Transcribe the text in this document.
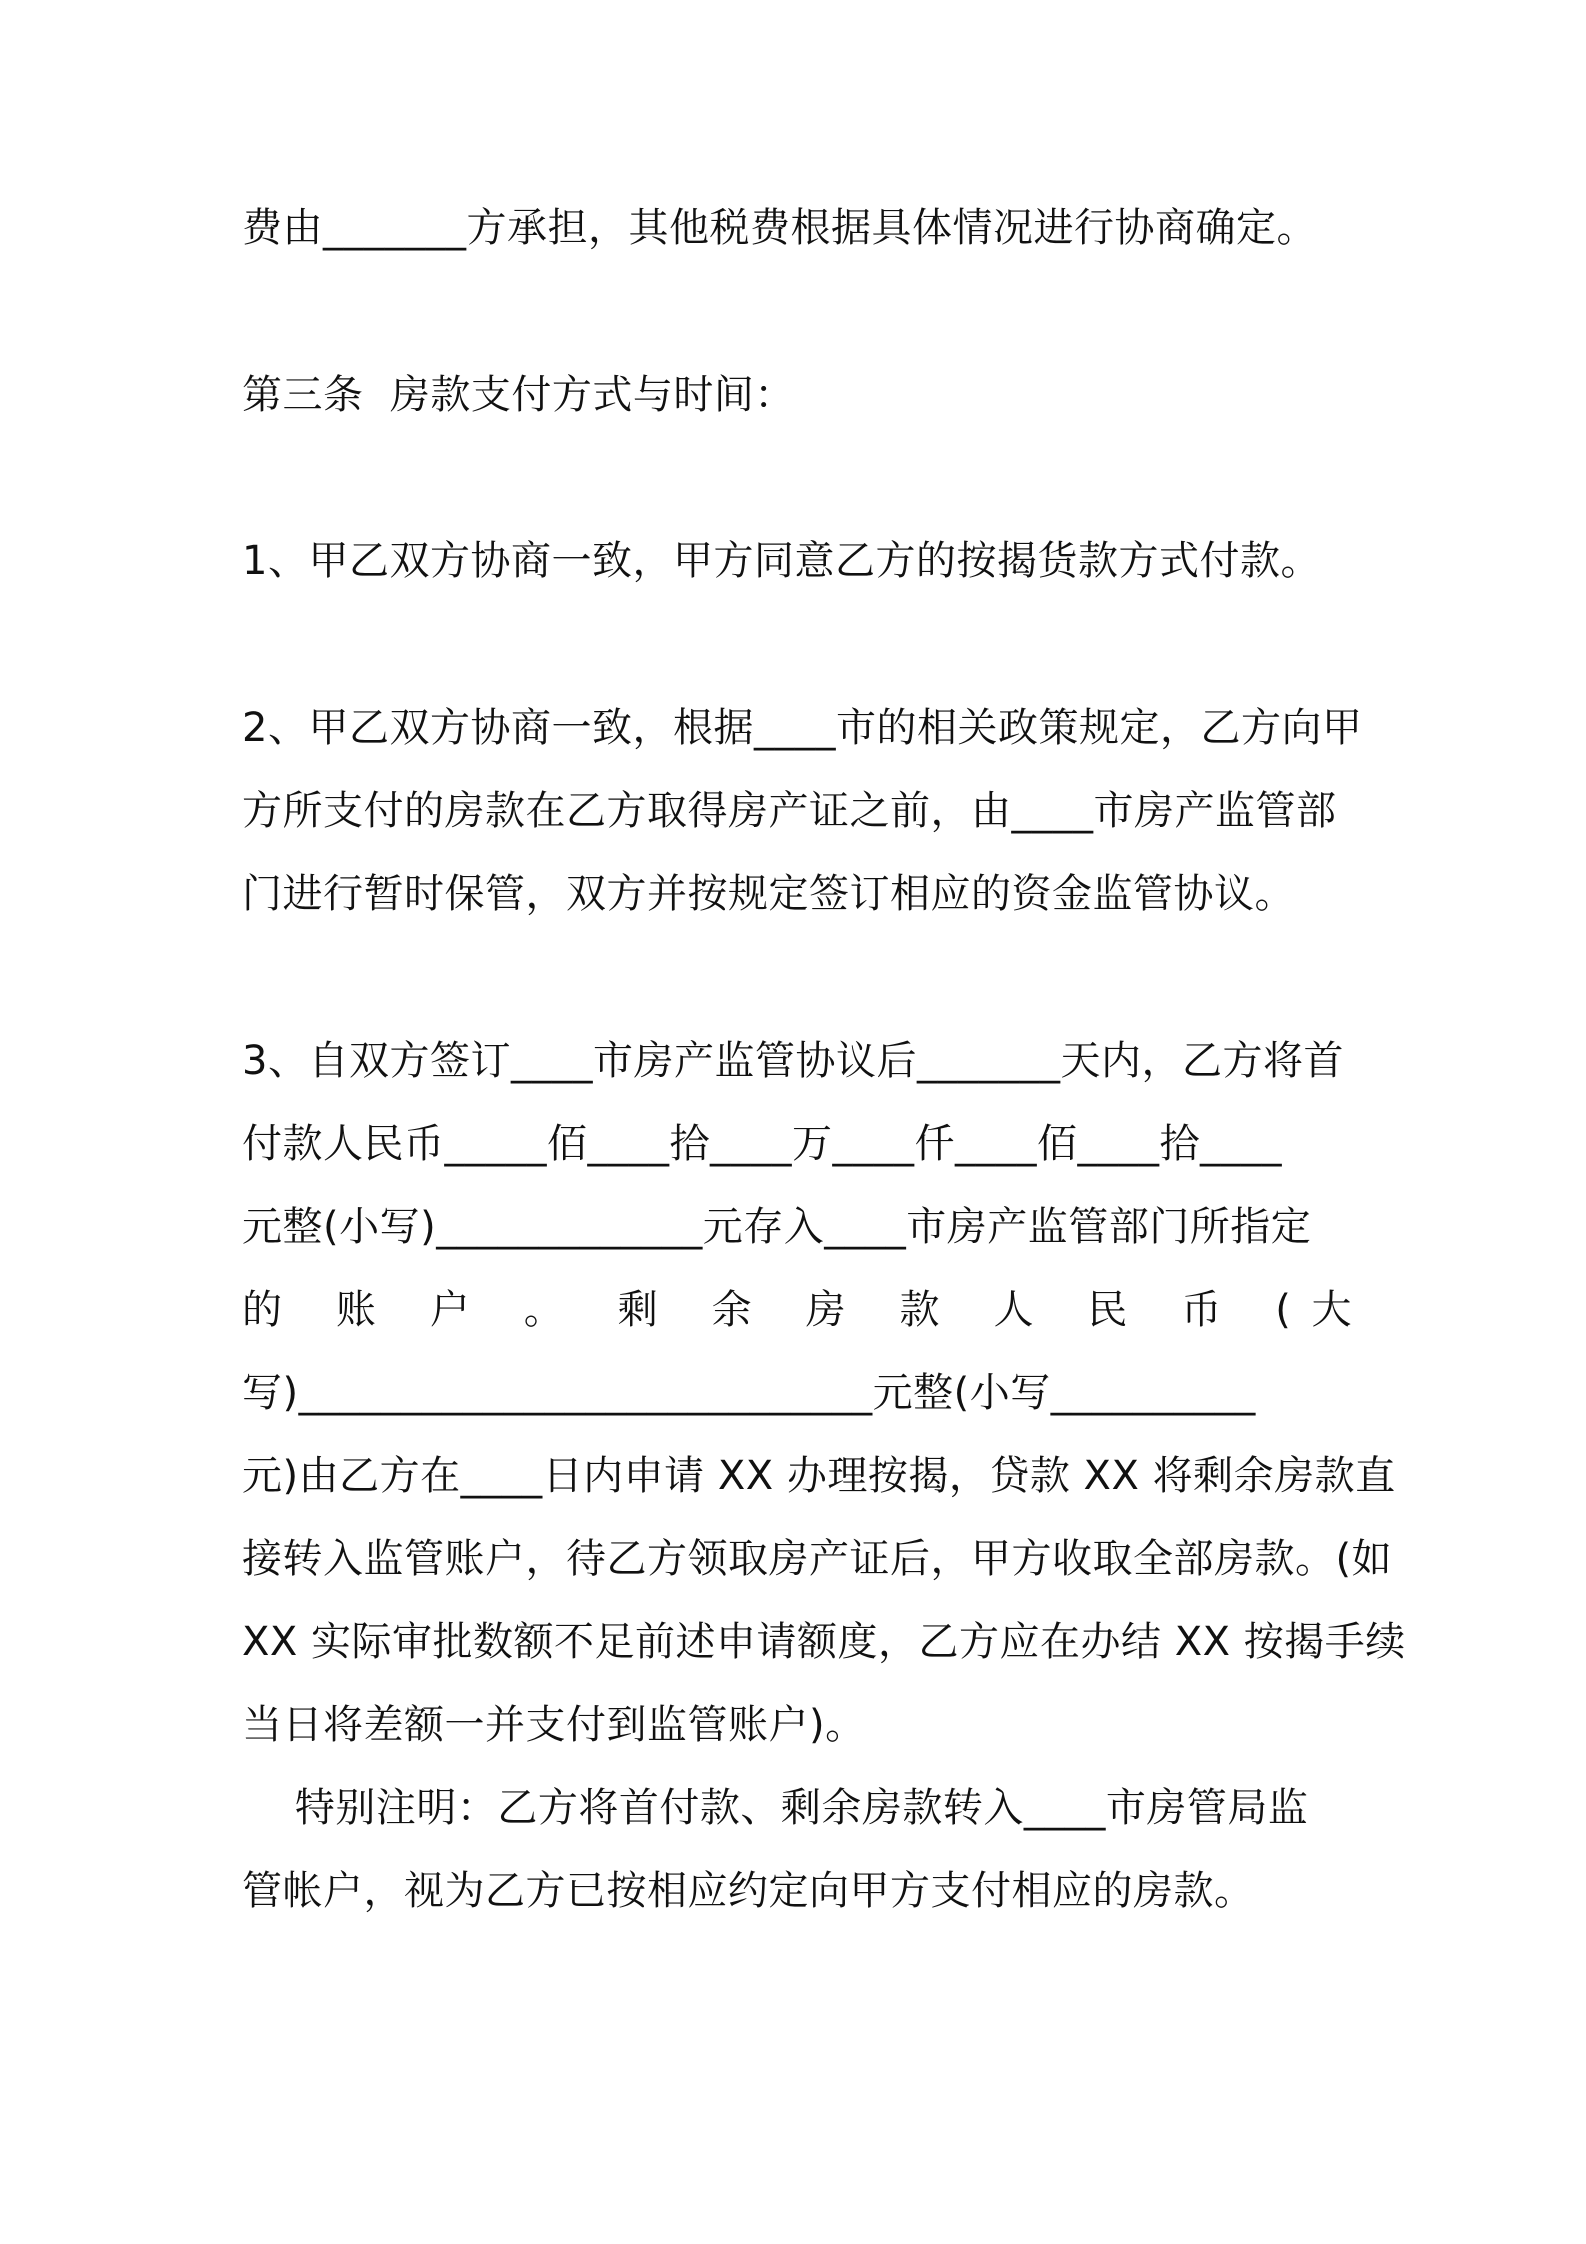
费由_______方承担，其他税费根据具体情况进行协商确定。
第三条  房款支付方式与时间：
1、甲乙双方协商一致，甲方同意乙方的按揭货款方式付款。
2、甲乙双方协商一致，根据____市的相关政策规定，乙方向甲
方所支付的房款在乙方取得房产证之前，由____市房产监管部
门进行暂时保管，双方并按规定签订相应的资金监管协议。
3、自双方签订____市房产监管协议后_______天内，乙方将首
付款人民币_____佰____拾____万____仟____佰____拾____
元整(小写)_____________元存入____市房产监管部门所指定
的 账 户 。 剩 余 房 款 人 民 币 (大
写)____________________________元整(小写__________
元)由乙方在____日内申请 XX 办理按揭，贷款 XX 将剩余房款直
接转入监管账户，待乙方领取房产证后，甲方收取全部房款。(如
XX 实际审批数额不足前述申请额度，乙方应在办结 XX 按揭手续
当日将差额一并支付到监管账户)。
特别注明：乙方将首付款、剩余房款转入____市房管局监
管帐户，视为乙方已按相应约定向甲方支付相应的房款。
